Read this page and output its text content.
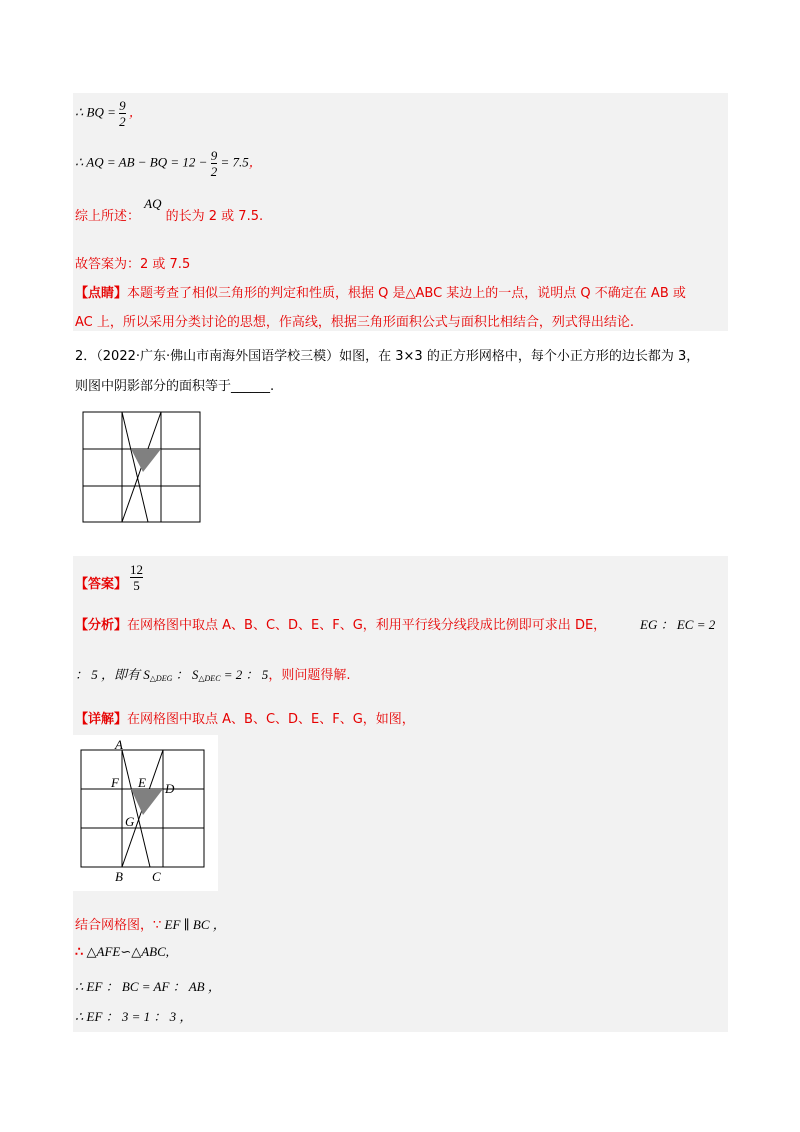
∴ BQ = $\frac{9}{2}$ ，
∴ AQ = AB − BQ = $12 - \frac{9}{2} = 7.5$，
综上所述： AQ 的长为 2 或 7.5.
故答案为：2 或 7.5
【点睛】本题考查了相似三角形的判定和性质，根据 Q 是△ABC 某边上的一点，说明点 Q 不确定在 AB 或
AC 上，所以采用分类讨论的思想，作高线，根据三角形面积公式与面积比相结合，列式得出结论.
2．（2022·广东·佛山市南海外国语学校三模）如图，在 3×3 的正方形网格中，每个小正方形的边长都为 3，
则图中阴影部分的面积等于______.
【答案】 $\frac{12}{5}$
【分析】在网格图中取点 A、B、C、D、E、F、G，利用平行线分线段成比例即可求出 DE，	EG ： EC = 2
： 5 ，即有 $S_{\triangle DEG}$ ： $S_{\triangle DEC} = 2$ ： 5，则问题得解.
【详解】在网格图中取点 A、B、C、D、E、F、G，如图，
A
F E D
G
B C
结合网格图，∵ EF ∥ BC ，
∴ △AFE∽△ABC,
∴ EF ： BC = AF ： AB ，
∴ EF ： 3 = 1 ： 3 ，
